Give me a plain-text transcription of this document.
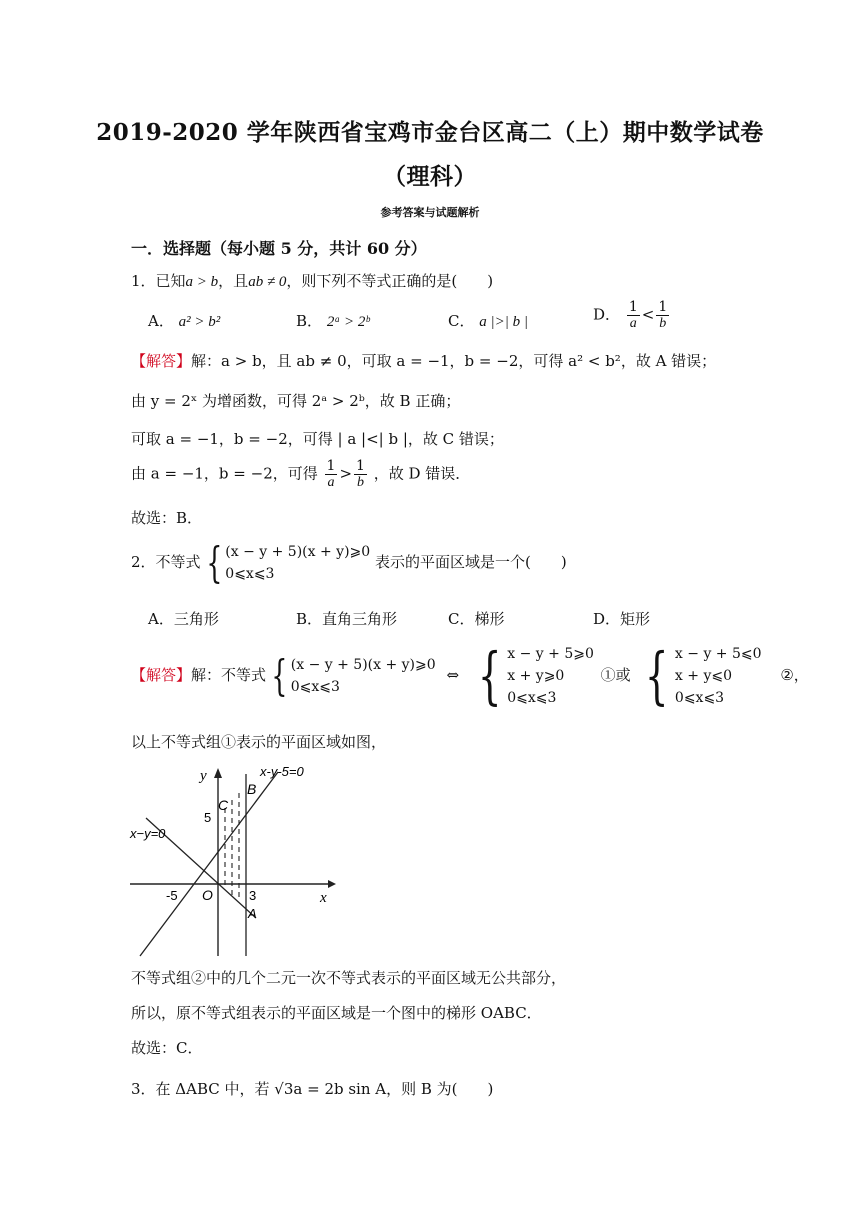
2019-2020 学年陕西省宝鸡市金台区高二（上）期中数学试卷
（理科）
参考答案与试题解析
一．选择题（每小题 5 分，共计 60 分）
1．已知a > b，且ab ≠ 0，则下列不等式正确的是(　　)
A． a² > b²	B． 2ᵃ > 2ᵇ	C． a |>| b |	D． $\frac{1}{a} < \frac{1}{b}$
【解答】解：a > b，且 ab ≠ 0，可取 a = −1，b = −2，可得 a² < b²，故 A 错误；
由 y = 2ˣ 为增函数，可得 2ᵃ > 2ᵇ，故 B 正确；
可取 a = −1，b = −2，可得 | a |<| b |，故 C 错误；
由 a = −1，b = −2，可得 $\frac{1}{a} > \frac{1}{b}$ ，故 D 错误．
故选：B．
2．不等式 { (x − y + 5)(x + y)⩾0
0⩽x⩽3
表示的平面区域是一个(　　)
A．三角形	B．直角三角形	C．梯形	D．矩形
【解答】解：不等式 { (x − y + 5)(x + y)⩾0
0⩽x⩽3
⇔ { x − y + 5⩾0
x + y⩾0
0⩽x⩽3
①或 { x − y + 5⩽0
x + y⩽0
0⩽x⩽3
②，
以上不等式组①表示的平面区域如图，
y
x
x-y-5=0
x−y=0
5
-5 O	3
C
B
A
不等式组②中的几个二元一次不等式表示的平面区域无公共部分，
所以，原不等式组表示的平面区域是一个图中的梯形 OABC．
故选：C．
3．在 ΔABC 中，若 √3a = 2b sin A，则 B 为(　　)
